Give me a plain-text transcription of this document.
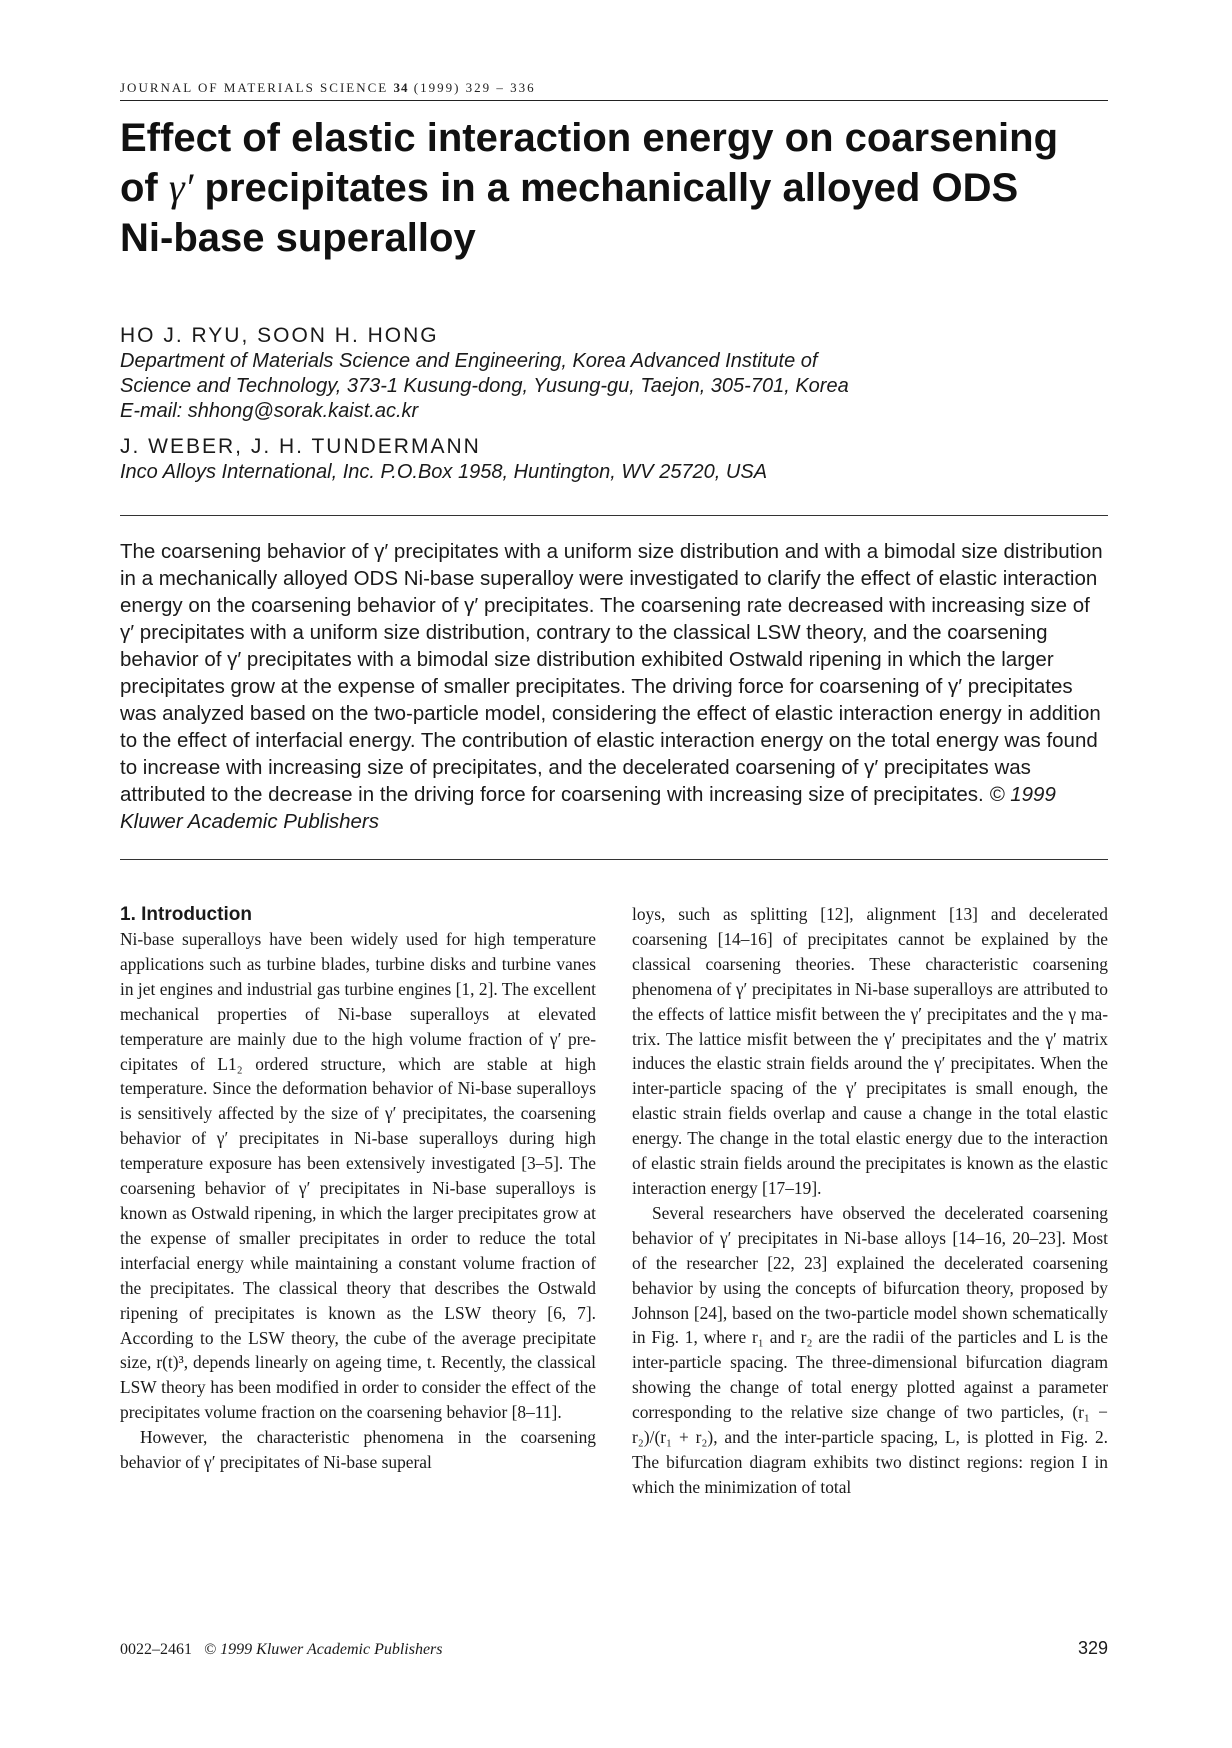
JOURNAL OF MATERIALS SCIENCE 34 (1999) 329 – 336
Effect of elastic interaction energy on coarsening
of γ′ precipitates in a mechanically alloyed ODS
Ni-base superalloy
HO J. RYU, SOON H. HONG
Department of Materials Science and Engineering, Korea Advanced Institute of
Science and Technology, 373-1 Kusung-dong, Yusung-gu, Taejon, 305-701, Korea
E-mail: shhong@sorak.kaist.ac.kr
J. WEBER, J. H. TUNDERMANN
Inco Alloys International, Inc. P.O.Box 1958, Huntington, WV 25720, USA
The coarsening behavior of γ′ precipitates with a uniform size distribution and with a bimodal size distribution in a mechanically alloyed ODS Ni-base superalloy were investigated to clarify the effect of elastic interaction energy on the coarsening behavior of γ′ precipitates. The coarsening rate decreased with increasing size of γ′ precipitates with a uniform size distribution, contrary to the classical LSW theory, and the coarsening behavior of γ′ precipitates with a bimodal size distribution exhibited Ostwald ripening in which the larger precipitates grow at the expense of smaller precipitates. The driving force for coarsening of γ′ precipitates was analyzed based on the two-particle model, considering the effect of elastic interaction energy in addition to the effect of interfacial energy. The contribution of elastic interaction energy on the total energy was found to increase with increasing size of precipitates, and the decelerated coarsening of γ′ precipitates was attributed to the decrease in the driving force for coarsening with increasing size of precipitates. © 1999 Kluwer Academic Publishers
1. Introduction

Ni-base superalloys have been widely used for high temperature applications such as turbine blades, turbine disks and turbine vanes in jet engines and industrial gas turbine engines [1, 2]. The excellent mechanical properties of Ni-base superalloys at elevated temperature are mainly due to the high volume fraction of γ′ precipitates of L1₂ ordered structure, which are stable at high temperature. Since the deformation behavior of Ni-base superalloys is sensitively affected by the size of γ′ precipitates, the coarsening behavior of γ′ precipitates in Ni-base superalloys during high temperature exposure has been extensively investigated [3–5]. The coarsening behavior of γ′ precipitates in Ni-base superalloys is known as Ostwald ripening, in which the larger precipitates grow at the expense of smaller precipitates in order to reduce the total interfacial energy while maintaining a constant volume fraction of the precipitates. The classical theory that describes the Ostwald ripening of precipitates is known as the LSW theory [6, 7]. According to the LSW theory, the cube of the average precipitate size, r(t)³, depends linearly on ageing time, t. Recently, the classical LSW theory has been modified in order to consider the effect of the precipitates volume fraction on the coarsening behavior [8–11].

However, the characteristic phenomena in the coarsening behavior of γ′ precipitates of Ni-base superal

loys, such as splitting [12], alignment [13] and decelerated coarsening [14–16] of precipitates cannot be explained by the classical coarsening theories. These characteristic coarsening phenomena of γ′ precipitates in Ni-base superalloys are attributed to the effects of lattice misfit between the γ′ precipitates and the γ matrix. The lattice misfit between the γ′ precipitates and the γ′ matrix induces the elastic strain fields around the γ′ precipitates. When the inter-particle spacing of the γ′ precipitates is small enough, the elastic strain fields overlap and cause a change in the total elastic energy. The change in the total elastic energy due to the interaction of elastic strain fields around the precipitates is known as the elastic interaction energy [17–19].

Several researchers have observed the decelerated coarsening behavior of γ′ precipitates in Ni-base alloys [14–16, 20–23]. Most of the researcher [22, 23] explained the decelerated coarsening behavior by using the concepts of bifurcation theory, proposed by Johnson [24], based on the two-particle model shown schematically in Fig. 1, where r₁ and r₂ are the radii of the particles and L is the inter-particle spacing. The three-dimensional bifurcation diagram showing the change of total energy plotted against a parameter corresponding to the relative size change of two particles, (r₁ − r₂)/(r₁ + r₂), and the inter-particle spacing, L, is plotted in Fig. 2. The bifurcation diagram exhibits two distinct regions: region I in which the minimization of total

0022–2461 © 1999 Kluwer Academic Publishers	329
